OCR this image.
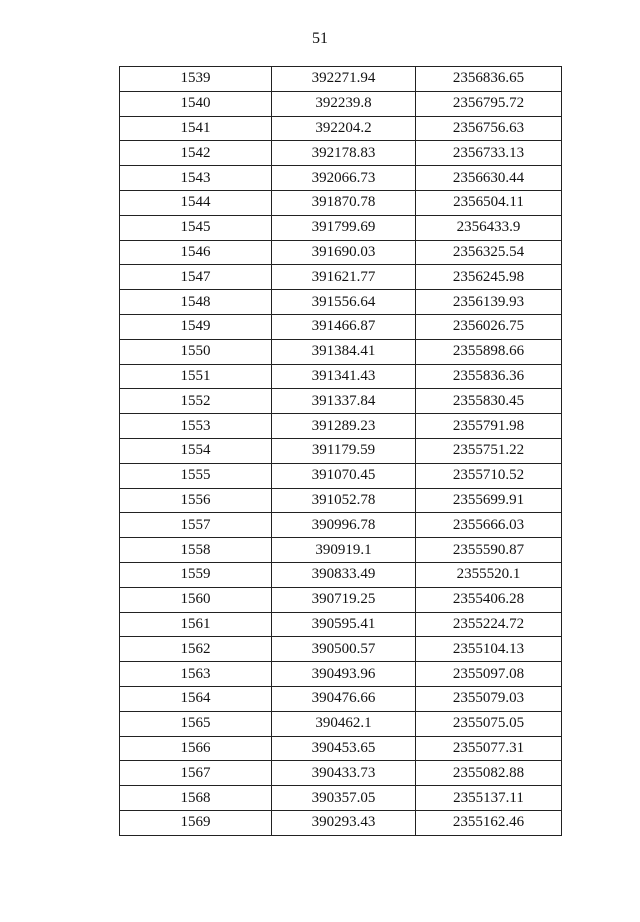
51
1539	392271.94	2356836.65
1540	392239.8	2356795.72
1541	392204.2	2356756.63
1542	392178.83	2356733.13
1543	392066.73	2356630.44
1544	391870.78	2356504.11
1545	391799.69	2356433.9
1546	391690.03	2356325.54
1547	391621.77	2356245.98
1548	391556.64	2356139.93
1549	391466.87	2356026.75
1550	391384.41	2355898.66
1551	391341.43	2355836.36
1552	391337.84	2355830.45
1553	391289.23	2355791.98
1554	391179.59	2355751.22
1555	391070.45	2355710.52
1556	391052.78	2355699.91
1557	390996.78	2355666.03
1558	390919.1	2355590.87
1559	390833.49	2355520.1
1560	390719.25	2355406.28
1561	390595.41	2355224.72
1562	390500.57	2355104.13
1563	390493.96	2355097.08
1564	390476.66	2355079.03
1565	390462.1	2355075.05
1566	390453.65	2355077.31
1567	390433.73	2355082.88
1568	390357.05	2355137.11
1569	390293.43	2355162.46
